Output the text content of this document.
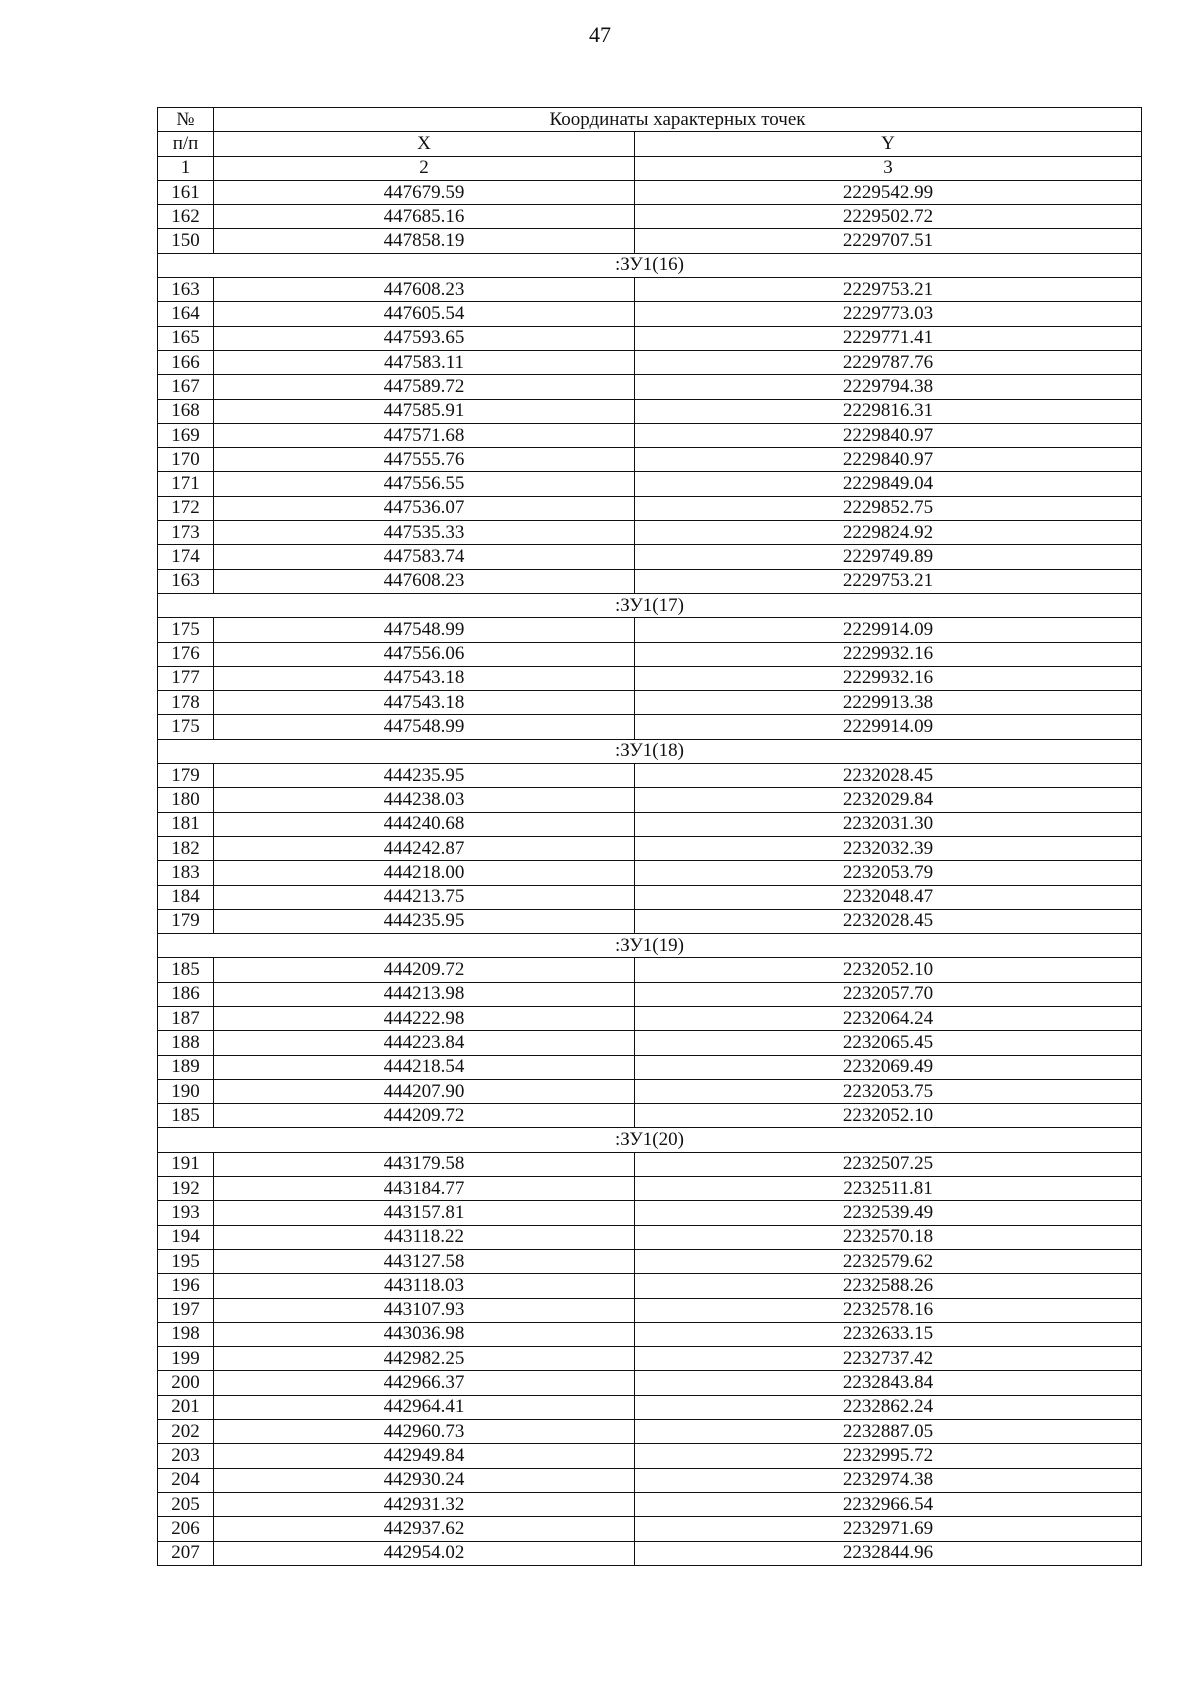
47
№	Координаты характерных точек	
п/п	X	Y
1	2	3
161	447679.59	2229542.99
162	447685.16	2229502.72
150	447858.19	2229707.51
:ЗУ1(16)		
163	447608.23	2229753.21
164	447605.54	2229773.03
165	447593.65	2229771.41
166	447583.11	2229787.76
167	447589.72	2229794.38
168	447585.91	2229816.31
169	447571.68	2229840.97
170	447555.76	2229840.97
171	447556.55	2229849.04
172	447536.07	2229852.75
173	447535.33	2229824.92
174	447583.74	2229749.89
163	447608.23	2229753.21
:ЗУ1(17)		
175	447548.99	2229914.09
176	447556.06	2229932.16
177	447543.18	2229932.16
178	447543.18	2229913.38
175	447548.99	2229914.09
:ЗУ1(18)		
179	444235.95	2232028.45
180	444238.03	2232029.84
181	444240.68	2232031.30
182	444242.87	2232032.39
183	444218.00	2232053.79
184	444213.75	2232048.47
179	444235.95	2232028.45
:ЗУ1(19)		
185	444209.72	2232052.10
186	444213.98	2232057.70
187	444222.98	2232064.24
188	444223.84	2232065.45
189	444218.54	2232069.49
190	444207.90	2232053.75
185	444209.72	2232052.10
:ЗУ1(20)		
191	443179.58	2232507.25
192	443184.77	2232511.81
193	443157.81	2232539.49
194	443118.22	2232570.18
195	443127.58	2232579.62
196	443118.03	2232588.26
197	443107.93	2232578.16
198	443036.98	2232633.15
199	442982.25	2232737.42
200	442966.37	2232843.84
201	442964.41	2232862.24
202	442960.73	2232887.05
203	442949.84	2232995.72
204	442930.24	2232974.38
205	442931.32	2232966.54
206	442937.62	2232971.69
207	442954.02	2232844.96
